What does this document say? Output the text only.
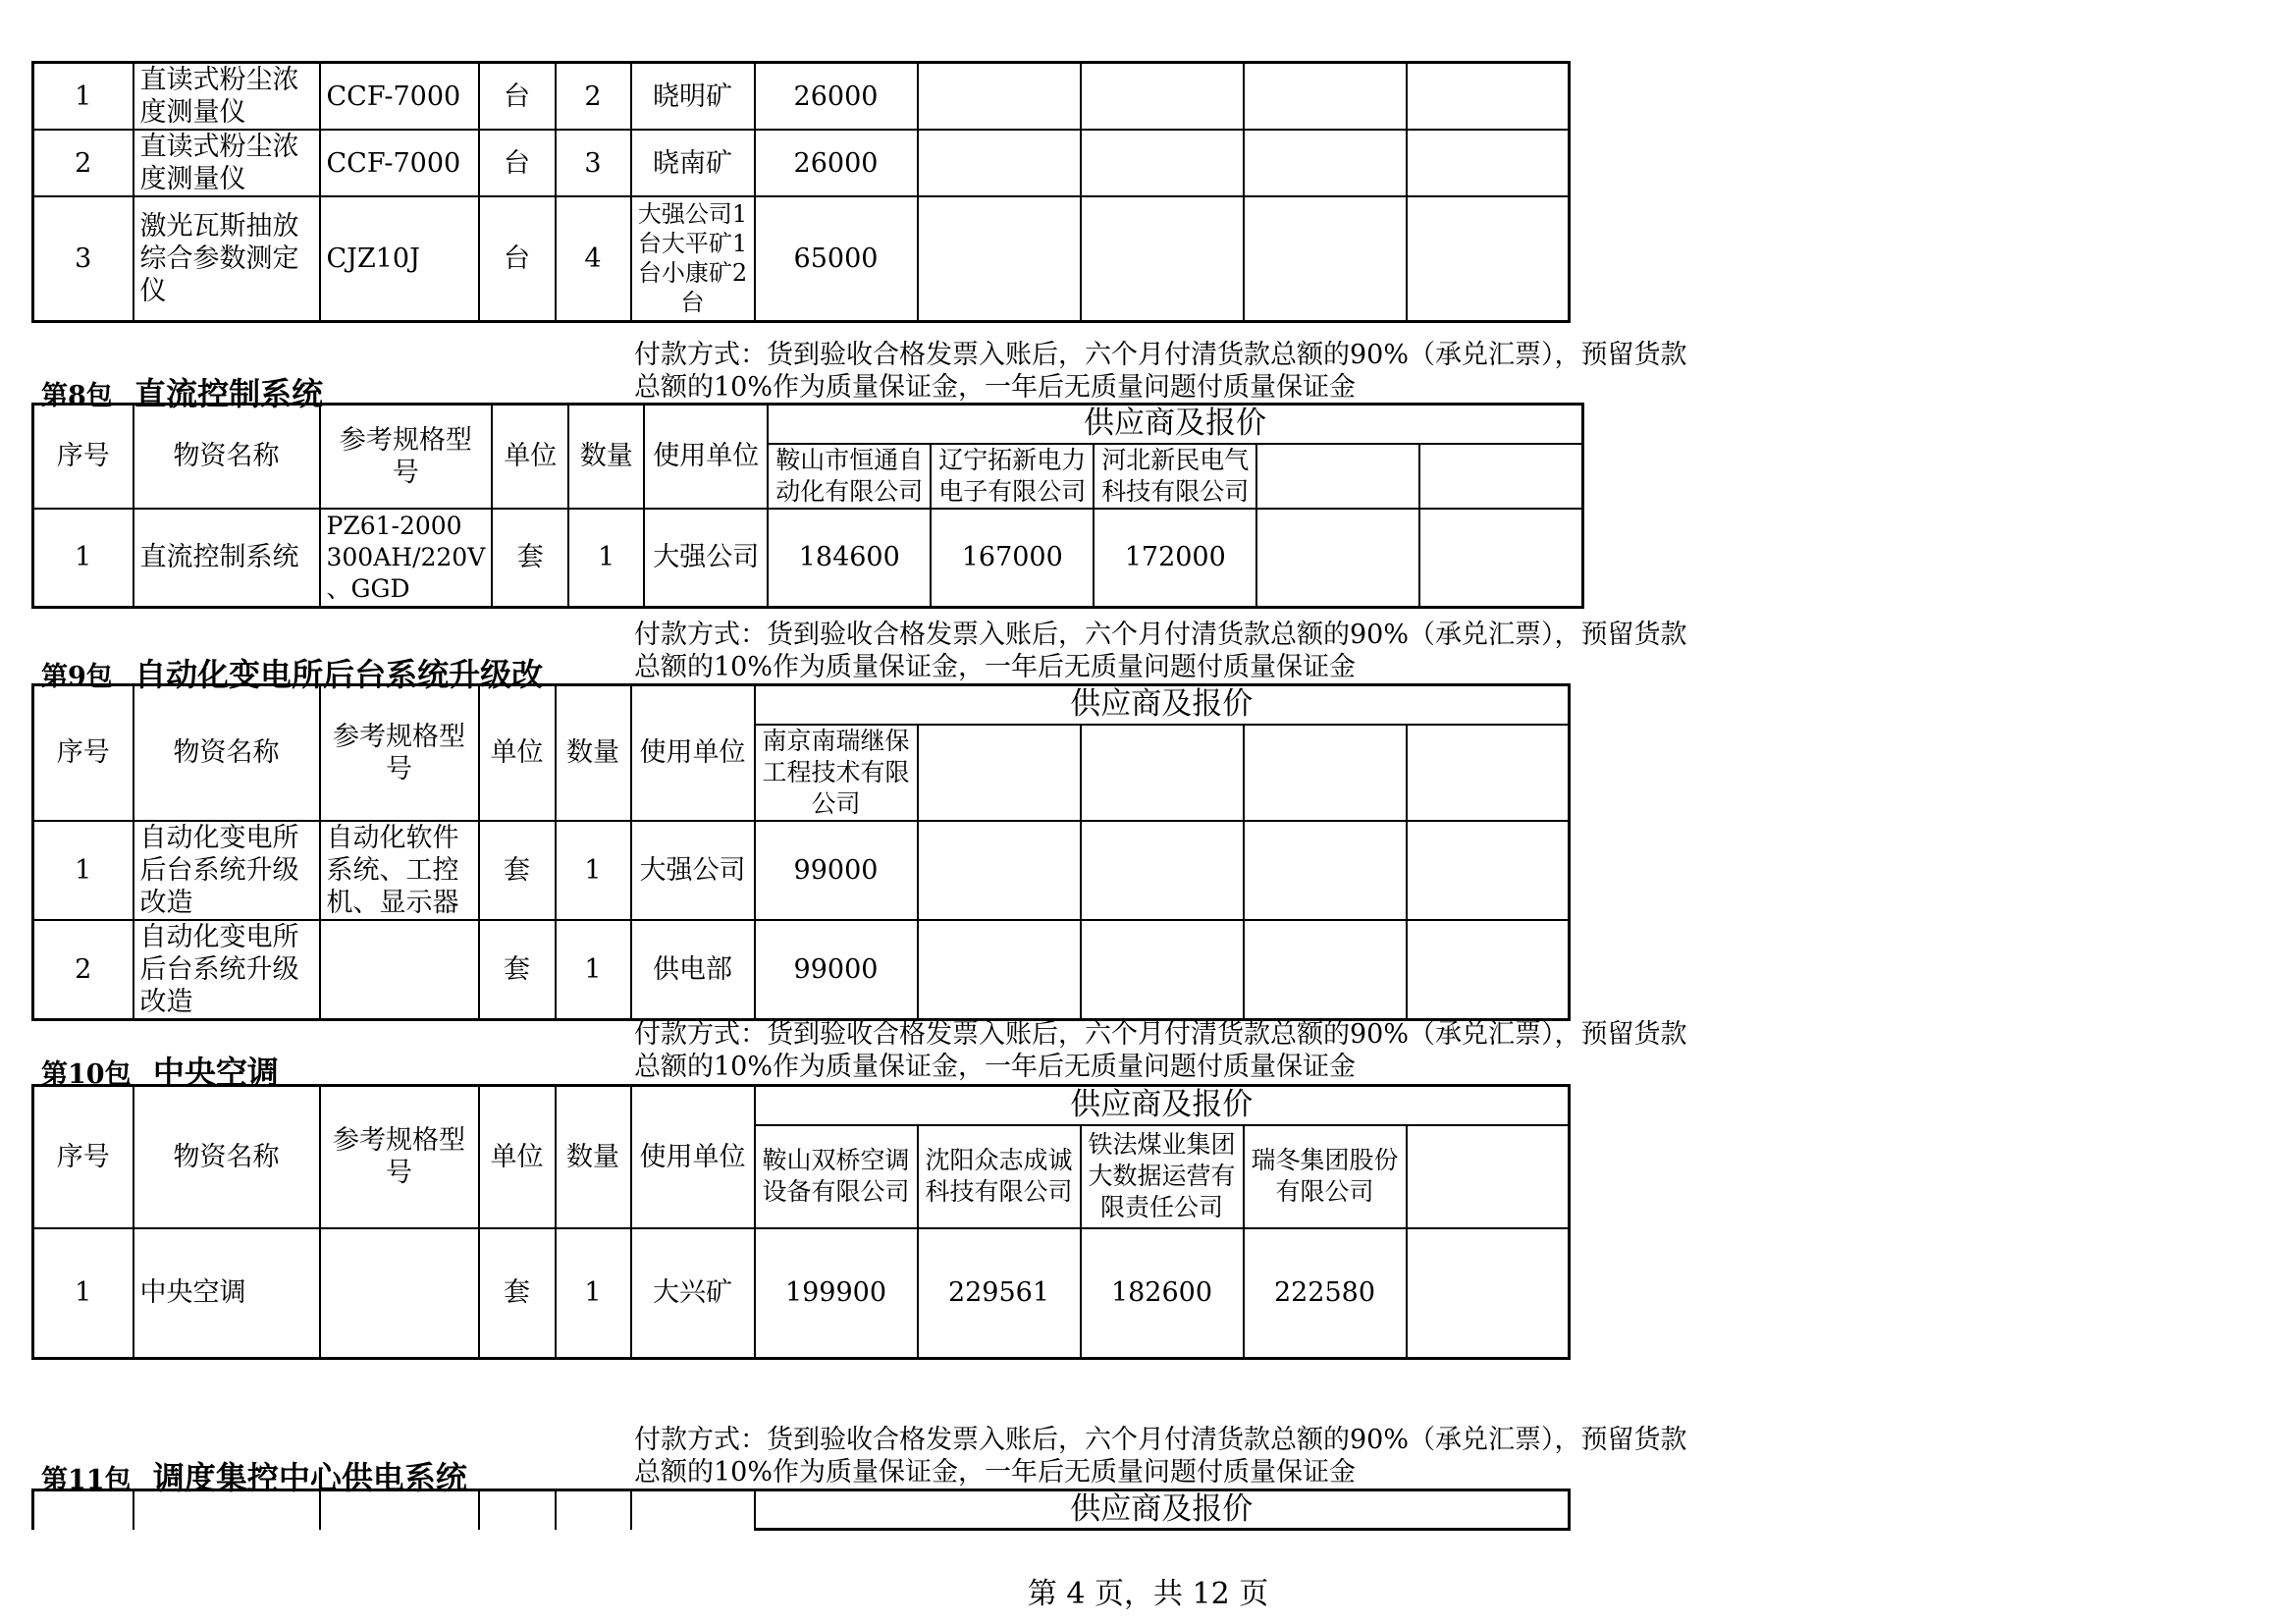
1	直读式粉尘浓度测量仪	CCF-7000	台	2	晓明矿	26000				
2	直读式粉尘浓度测量仪	CCF-7000	台	3	晓南矿	26000				
3	激光瓦斯抽放综合参数测定仪	CJZ10J	台	4	大强公司1台大平矿1台小康矿2台	65000				
第8包 直流控制系统

付款方式：货到验收合格发票入账后，六个月付清货款总额的90%（承兑汇票），预留货款

总额的10%作为质量保证金，一年后无质量问题付质量保证金

序号	物资名称	参考规格型号	单位	数量	使用单位	供应商及报价				
						鞍山市恒通自动化有限公司	辽宁拓新电力电子有限公司	河北新民电气科技有限公司		
1	直流控制系统	PZ61-2000 300AH/220V 、GGD	套	1	大强公司	184600	167000	172000		
第9包 自动化变电所后台系统升级改

付款方式：货到验收合格发票入账后，六个月付清货款总额的90%（承兑汇票），预留货款

总额的10%作为质量保证金，一年后无质量问题付质量保证金

序号	物资名称	参考规格型号	单位	数量	使用单位	供应商及报价				
						南京南瑞继保工程技术有限公司				
1	自动化变电所后台系统升级改造	自动化软件系统、工控机、显示器	套	1	大强公司	99000				
2	自动化变电所后台系统升级改造		套	1	供电部	99000				
第10包 中央空调

付款方式：货到验收合格发票入账后，六个月付清货款总额的90%（承兑汇票），预留货款

总额的10%作为质量保证金，一年后无质量问题付质量保证金

序号	物资名称	参考规格型号	单位	数量	使用单位	供应商及报价				
						鞍山双桥空调设备有限公司	沈阳众志成诚科技有限公司	铁法煤业集团大数据运营有限责任公司	瑞冬集团股份有限公司	
1	中央空调		套	1	大兴矿	199900	229561	182600	222580	
第11包 调度集控中心供电系统

付款方式：货到验收合格发票入账后，六个月付清货款总额的90%（承兑汇票），预留货款

总额的10%作为质量保证金，一年后无质量问题付质量保证金

						供应商及报价
第 4 页，共 12 页
